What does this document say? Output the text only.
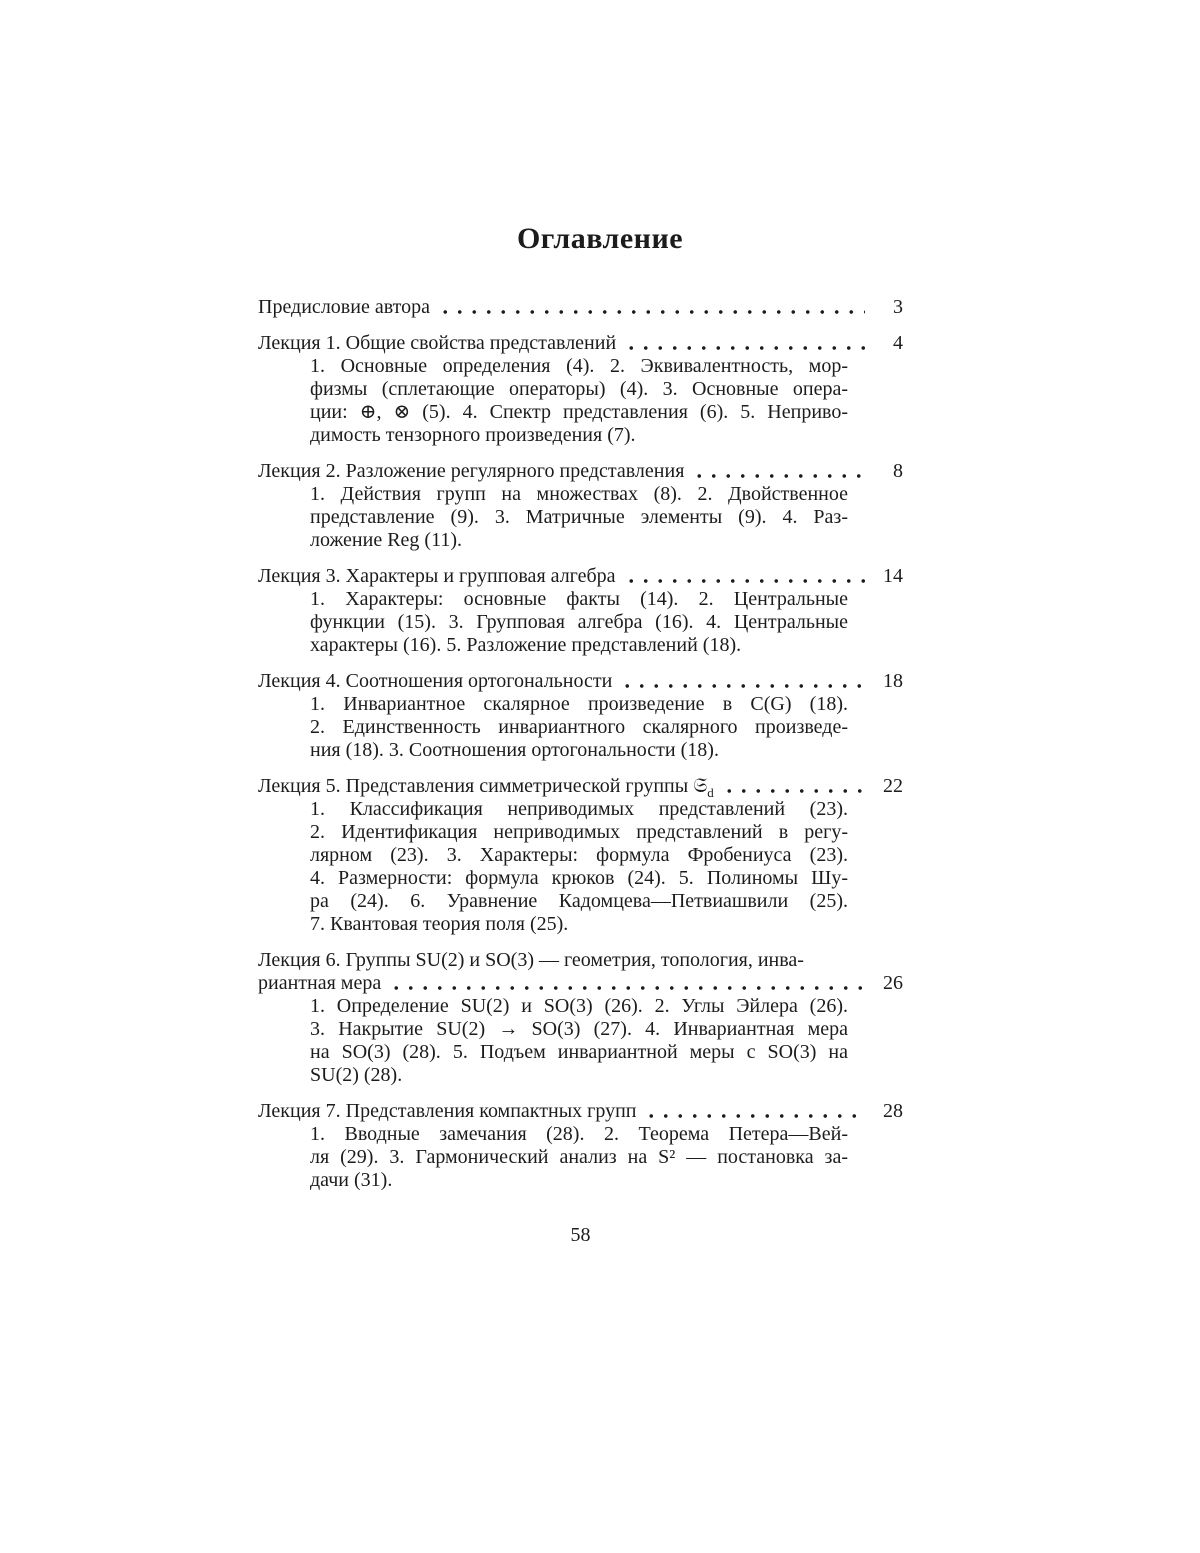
Оглавление
Предисловие автора	3
Лекция 1. Общие свойства представлений	4
1. Основные определения (4). 2. Эквивалентность, мор-
физмы (сплетающие операторы) (4). 3. Основные опера-
ции: ⊕, ⊗ (5). 4. Спектр представления (6). 5. Неприво-
димость тензорного произведения (7).
Лекция 2. Разложение регулярного представления	8
1. Действия групп на множествах (8). 2. Двойственное
представление (9). 3. Матричные элементы (9). 4. Раз-
ложение Reg (11).
Лекция 3. Характеры и групповая алгебра	14
1. Характеры: основные факты (14). 2. Центральные
функции (15). 3. Групповая алгебра (16). 4. Центральные
характеры (16). 5. Разложение представлений (18).
Лекция 4. Соотношения ортогональности	18
1. Инвариантное скалярное произведение в C(G) (18).
2. Единственность инвариантного скалярного произведе-
ния (18). 3. Соотношения ортогональности (18).
Лекция 5. Представления симметрической группы 𝔖$_d$	22
1. Классификация неприводимых представлений (23).
2. Идентификация неприводимых представлений в регу-
лярном (23). 3. Характеры: формула Фробениуса (23).
4. Размерности: формула крюков (24). 5. Полиномы Шу-
ра (24). 6. Уравнение Кадомцева—Петвиашвили (25).
7. Квантовая теория поля (25).
Лекция 6. Группы SU(2) и SO(3) — геометрия, топология, инва-
риантная мера	26
1. Определение SU(2) и SO(3) (26). 2. Углы Эйлера (26).
3. Накрытие SU(2) → SO(3) (27). 4. Инвариантная мера
на SO(3) (28). 5. Подъем инвариантной меры с SO(3) на
SU(2) (28).
Лекция 7. Представления компактных групп	28
1. Вводные замечания (28). 2. Теорема Петера—Вей-
ля (29). 3. Гармонический анализ на S² — постановка за-
дачи (31).
58
